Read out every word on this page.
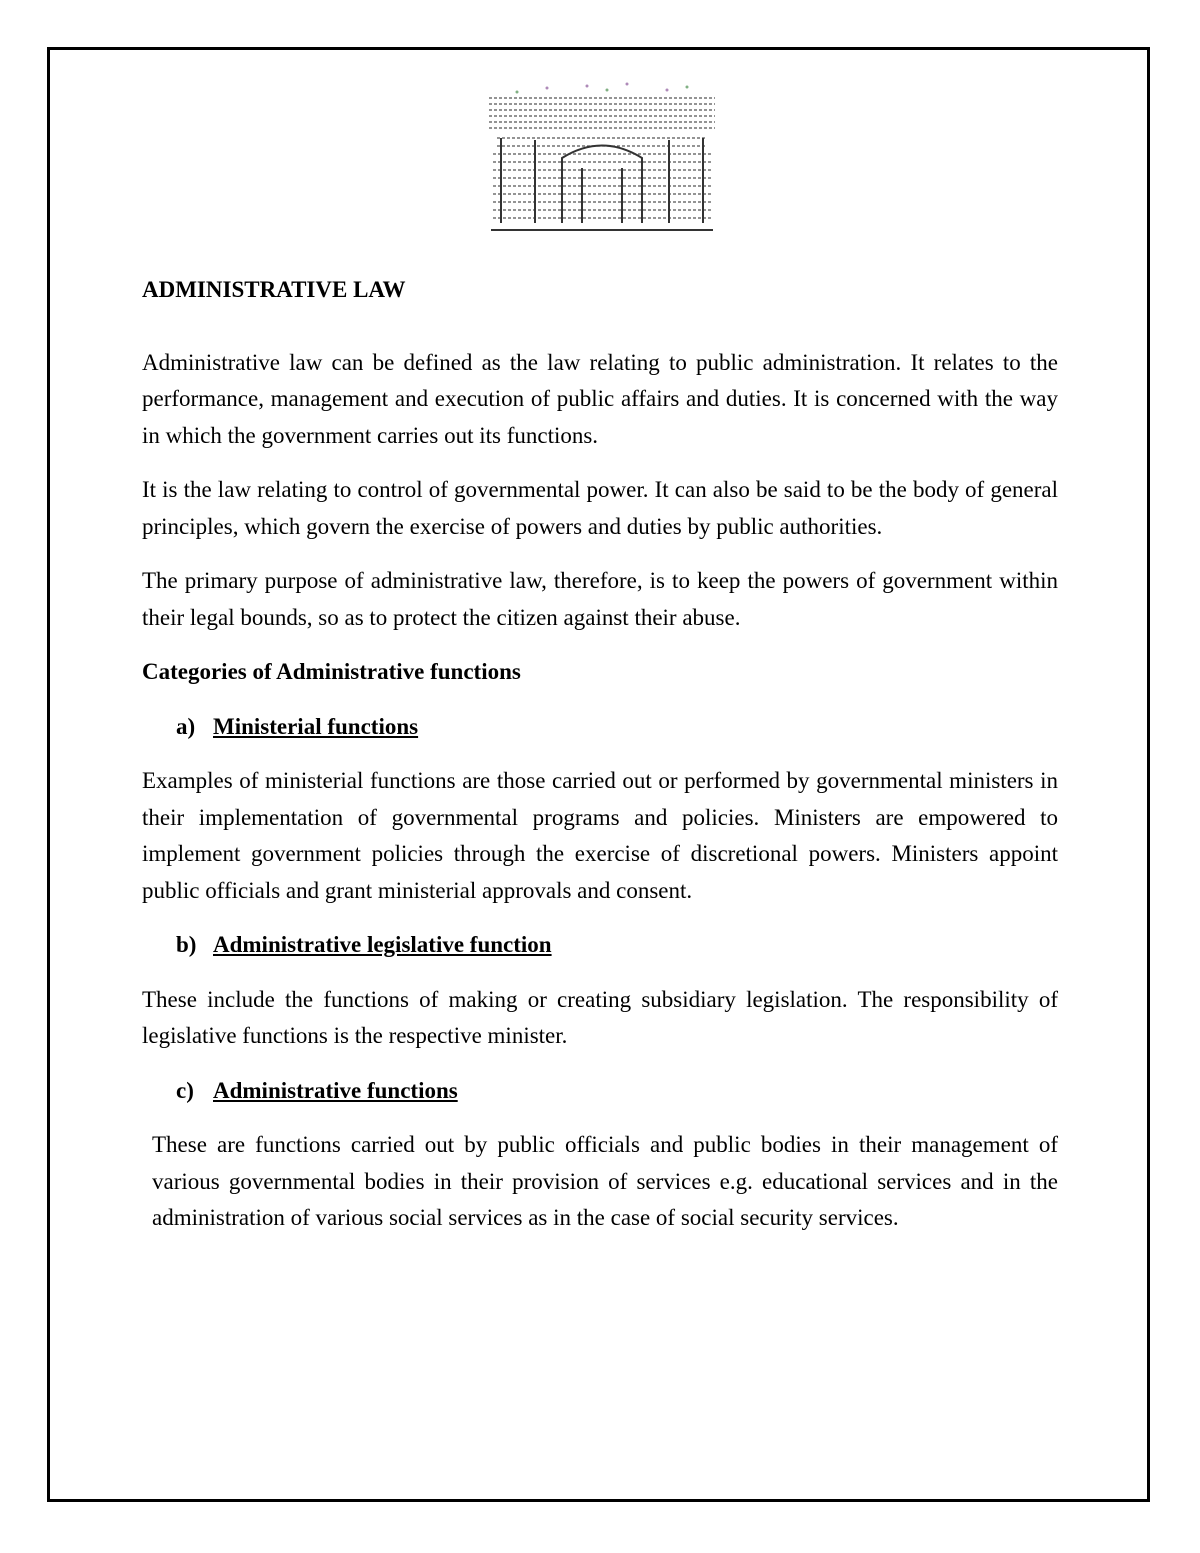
ADMINISTRATIVE LAW

Administrative law can be defined as the law relating to public administration. It relates to the performance, management and execution of public affairs and duties. It is concerned with the way in which the government carries out its functions.

It is the law relating to control of governmental power. It can also be said to be the body of general principles, which govern the exercise of powers and duties by public authorities.

The primary purpose of administrative law, therefore, is to keep the powers of government within their legal bounds, so as to protect the citizen against their abuse.

Categories of Administrative functions
a) Ministerial functions

Examples of ministerial functions are those carried out or performed by governmental ministers in their implementation of governmental programs and policies. Ministers are empowered to implement government policies through the exercise of discretional powers. Ministers appoint public officials and grant ministerial approvals and consent.

b) Administrative legislative function

These include the functions of making or creating subsidiary legislation. The responsibility of legislative functions is the respective minister.

c) Administrative functions

These are functions carried out by public officials and public bodies in their management of various governmental bodies in their provision of services e.g. educational services and in the administration of various social services as in the case of social security services.
